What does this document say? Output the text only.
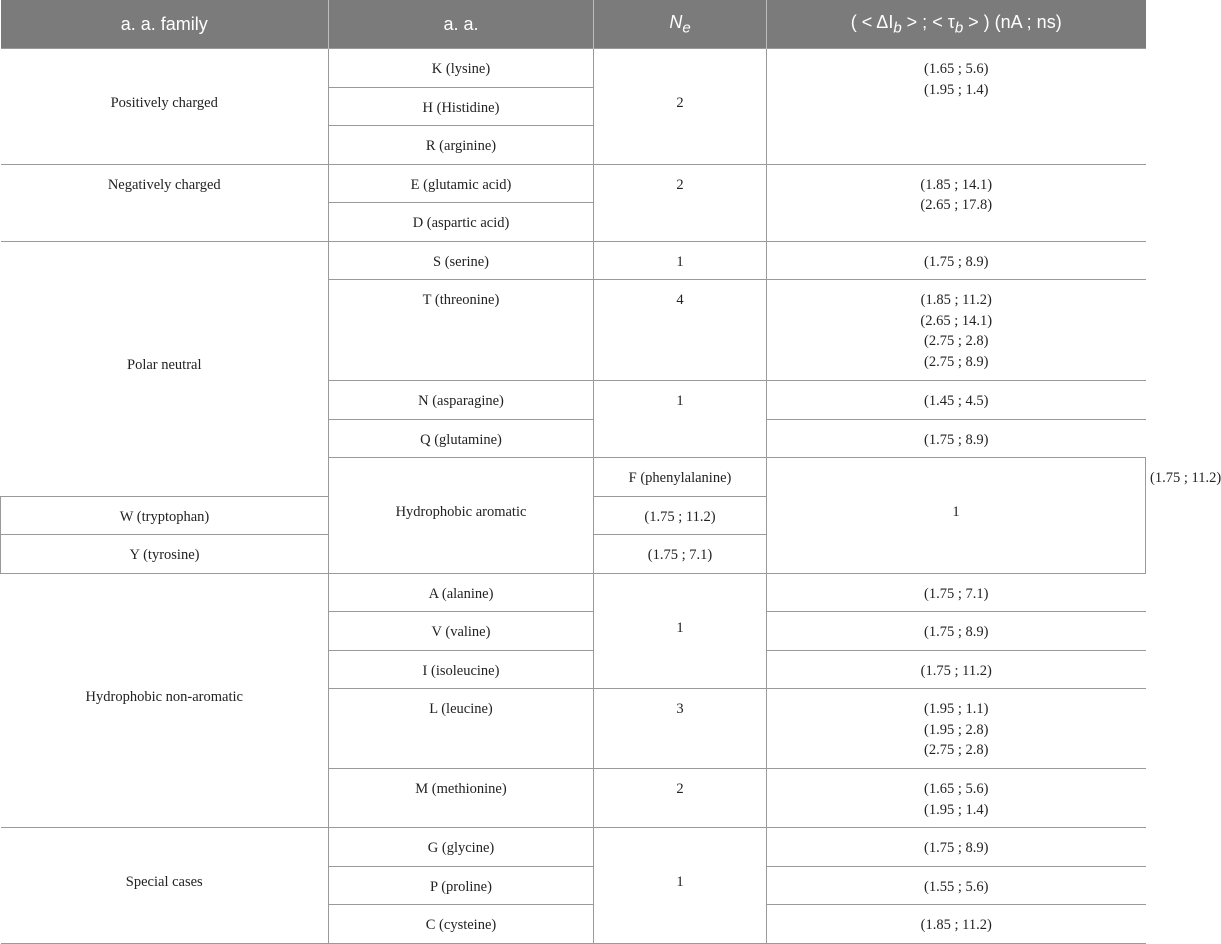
a. a. family	a. a.	$N_e$	( < $\Delta I_b$ > ; < $\tau_b$ > ) (nA ; ns)	

Positively charged	K (lysine)	2	(1.65 ; 5.6)
(1.95 ; 1.4)	

	H (Histidine)			
	R (arginine)			
Negatively charged	E (glutamic acid)	2	(1.85 ; 14.1)
(2.65 ; 17.8)	

	D (aspartic acid)			

Polar neutral	S (serine)	1	(1.75 ; 8.9)	

	T (threonine)	4	(1.85 ; 11.2)
(2.65 ; 14.1)
(2.75 ; 2.8)
(2.75 ; 8.9)	

	N (asparagine)	1	(1.45 ; 4.5)	

	Q (glutamine)		(1.75 ; 8.9)	

	Hydrophobic aromatic	F (phenylalanine)	1	(1.75 ; 11.2)

W (tryptophan)		(1.75 ; 11.2)		

Y (tyrosine)		(1.75 ; 7.1)		

Hydrophobic non-aromatic	A (alanine)	1	(1.75 ; 7.1)	

	V (valine)		(1.75 ; 8.9)	

	I (isoleucine)		(1.75 ; 11.2)	

	L (leucine)	3	(1.95 ; 1.1)
(1.95 ; 2.8)
(2.75 ; 2.8)	

	M (methionine)	2	(1.65 ; 5.6)
(1.95 ; 1.4)	

Special cases	G (glycine)	1	(1.75 ; 8.9)	

	P (proline)		(1.55 ; 5.6)	

	C (cysteine)		(1.85 ; 11.2)	
